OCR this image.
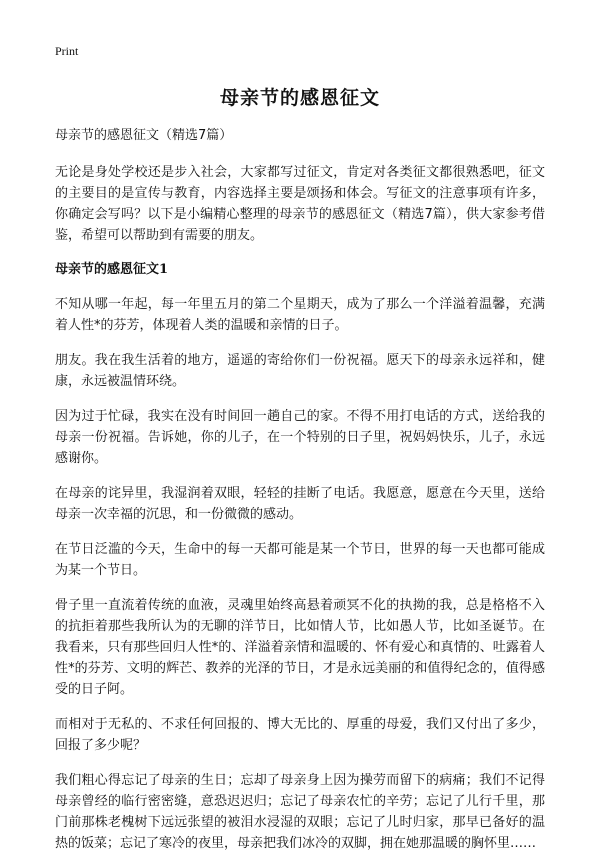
Print
母亲节的感恩征文

母亲节的感恩征文（精选7篇）

无论是身处学校还是步入社会，大家都写过征文，肯定对各类征文都很熟悉吧，征文的主要目的是宣传与教育，内容选择主要是颂扬和体会。写征文的注意事项有许多，你确定会写吗？以下是小编精心整理的母亲节的感恩征文（精选7篇），供大家参考借鉴，希望可以帮助到有需要的朋友。

母亲节的感恩征文1

不知从哪一年起，每一年里五月的第二个星期天，成为了那么一个洋溢着温馨，充满着人性*的芬芳，体现着人类的温暖和亲情的日子。

朋友。我在我生活着的地方，遥遥的寄给你们一份祝福。愿天下的母亲永远祥和，健康，永远被温情环绕。

因为过于忙碌，我实在没有时间回一趟自己的家。不得不用打电话的方式，送给我的母亲一份祝福。告诉她，你的儿子，在一个特别的日子里，祝妈妈快乐，儿子，永远感谢你。

在母亲的诧异里，我湿润着双眼，轻轻的挂断了电话。我愿意，愿意在今天里，送给母亲一次幸福的沉思，和一份微微的感动。

在节日泛滥的今天，生命中的每一天都可能是某一个节日，世界的每一天也都可能成为某一个节日。

骨子里一直流着传统的血液，灵魂里始终高悬着顽冥不化的执拗的我，总是格格不入的抗拒着那些我所认为的无聊的洋节日，比如情人节，比如愚人节，比如圣诞节。在我看来，只有那些回归人性*的、洋溢着亲情和温暖的、怀有爱心和真情的、吐露着人性*的芬芳、文明的辉芒、教养的光泽的节日，才是永远美丽的和值得纪念的，值得感受的日子阿。

而相对于无私的、不求任何回报的、博大无比的、厚重的母爱，我们又付出了多少，回报了多少呢？

我们粗心得忘记了母亲的生日；忘却了母亲身上因为操劳而留下的病痛；我们不记得母亲曾经的临行密密缝，意恐迟迟归；忘记了母亲农忙的辛劳；忘记了儿行千里，那门前那株老槐树下远远张望的被泪水浸湿的双眼；忘记了儿时归家，那早已备好的温热的饭菜；忘记了寒冷的夜里，母亲把我们冰冷的双脚，拥在她那温暖的胸怀里……
